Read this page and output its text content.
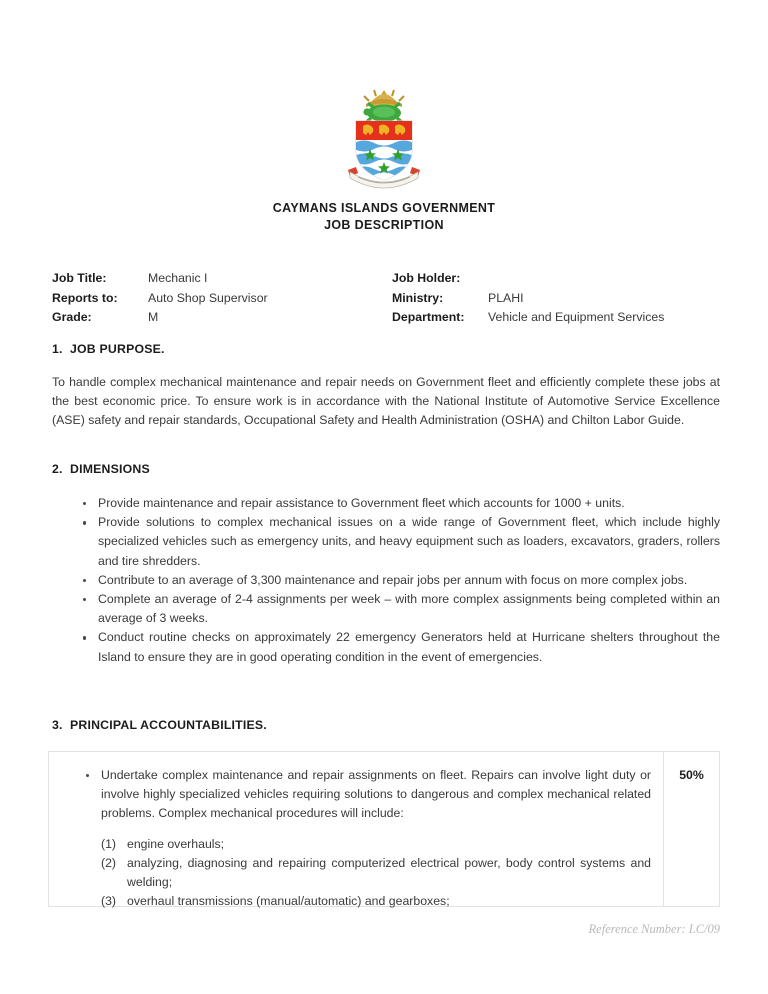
CAYMANS ISLANDS GOVERNMENT
JOB DESCRIPTION
Job Title:	Mechanic I	Job Holder:
Reports to:	Auto Shop Supervisor	Ministry:	PLAHI
Grade:	M	Department:	Vehicle and Equipment Services
1. JOB PURPOSE.
To handle complex mechanical maintenance and repair needs on Government fleet and efficiently complete these jobs at the best economic price. To ensure work is in accordance with the National Institute of Automotive Service Excellence (ASE) safety and repair standards, Occupational Safety and Health Administration (OSHA) and Chilton Labor Guide.
2. DIMENSIONS
Provide maintenance and repair assistance to Government fleet which accounts for 1000 + units.
Provide solutions to complex mechanical issues on a wide range of Government fleet, which include highly specialized vehicles such as emergency units, and heavy equipment such as loaders, excavators, graders, rollers and tire shredders.
Contribute to an average of 3,300 maintenance and repair jobs per annum with focus on more complex jobs.
Complete an average of 2-4 assignments per week – with more complex assignments being completed within an average of 3 weeks.
Conduct routine checks on approximately 22 emergency Generators held at Hurricane shelters throughout the Island to ensure they are in good operating condition in the event of emergencies.
3. PRINCIPAL ACCOUNTABILITIES.
Undertake complex maintenance and repair assignments on fleet. Repairs can involve light duty or involve highly specialized vehicles requiring solutions to dangerous and complex mechanical related problems. Complex mechanical procedures will include:
(1) engine overhauls;
(2) analyzing, diagnosing and repairing computerized electrical power, body control systems and welding;
(3) overhaul transmissions (manual/automatic) and gearboxes;
50%
Reference Number: LC/09
